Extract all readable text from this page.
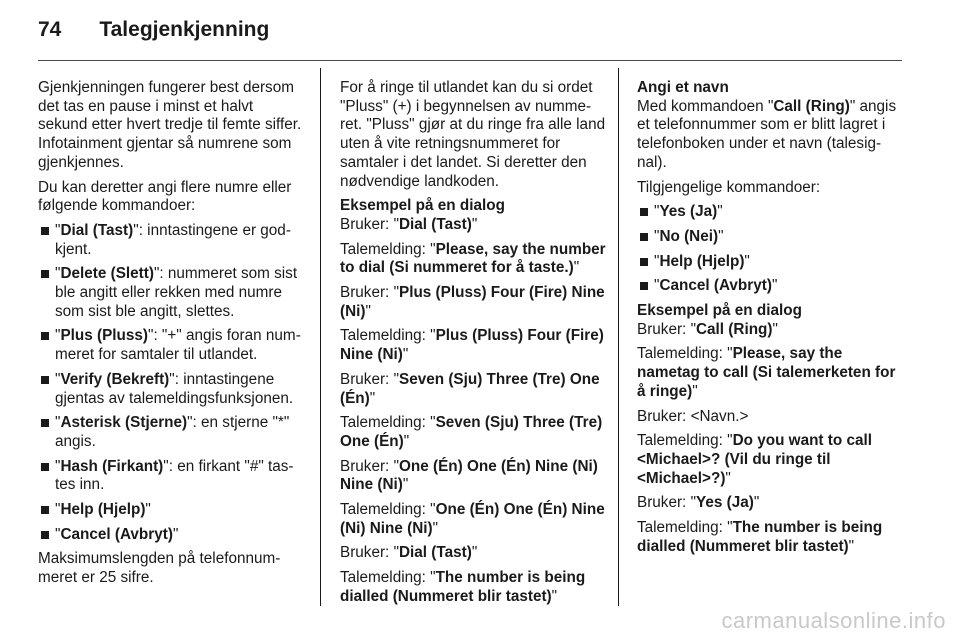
74 Talegjenkjenning

Gjenkjenningen fungerer best dersom det tas en pause i minst et halvt sekund etter hvert tredje til femte siffer. Infotainment gjentar så numrene som gjenkjennes.

Du kan deretter angi flere numre eller følgende kommandoer:

"Dial (Tast)": inntastingene er godkjent.
"Delete (Slett)": nummeret som sist ble angitt eller rekken med numre som sist ble angitt, slettes.
"Plus (Pluss)": "+" angis foran nummeret for samtaler til utlandet.
"Verify (Bekreft)": inntastingene gjentas av talemeldingsfunksjonen.
"Asterisk (Stjerne)": en stjerne "*" angis.
"Hash (Firkant)": en firkant "#" tastes inn.
"Help (Hjelp)"
"Cancel (Avbryt)"

Maksimumslengden på telefonnummeret er 25 sifre.

For å ringe til utlandet kan du si ordet "Pluss" (+) i begynnelsen av nummeret. "Pluss" gjør at du ringe fra alle land uten å vite retningsnummeret for samtaler i det landet. Si deretter den nødvendige landkoden.

Eksempel på en dialog

Bruker: "Dial (Tast)"

Talemelding: "Please, say the number to dial (Si nummeret for å taste.)"

Bruker: "Plus (Pluss) Four (Fire) Nine (Ni)"

Talemelding: "Plus (Pluss) Four (Fire) Nine (Ni)"

Bruker: "Seven (Sju) Three (Tre) One (Én)"

Talemelding: "Seven (Sju) Three (Tre) One (Én)"

Bruker: "One (Én) One (Én) Nine (Ni) Nine (Ni)"

Talemelding: "One (Én) One (Én) Nine (Ni) Nine (Ni)"

Bruker: "Dial (Tast)"

Talemelding: "The number is being dialled (Nummeret blir tastet)"

Angi et navn

Med kommandoen "Call (Ring)" angis et telefonnummer som er blitt lagret i telefonboken under et navn (talesignal).

Tilgjengelige kommandoer:

"Yes (Ja)"
"No (Nei)"
"Help (Hjelp)"
"Cancel (Avbryt)"
Eksempel på en dialog

Bruker: "Call (Ring)"

Talemelding: "Please, say the nametag to call (Si talemerketen for å ringe)"

Bruker: <Navn.>

Talemelding: "Do you want to call <Michael>? (Vil du ringe til <Michael>?)"

Bruker: "Yes (Ja)"

Talemelding: "The number is being dialled (Nummeret blir tastet)"

carmanualsonline.info
